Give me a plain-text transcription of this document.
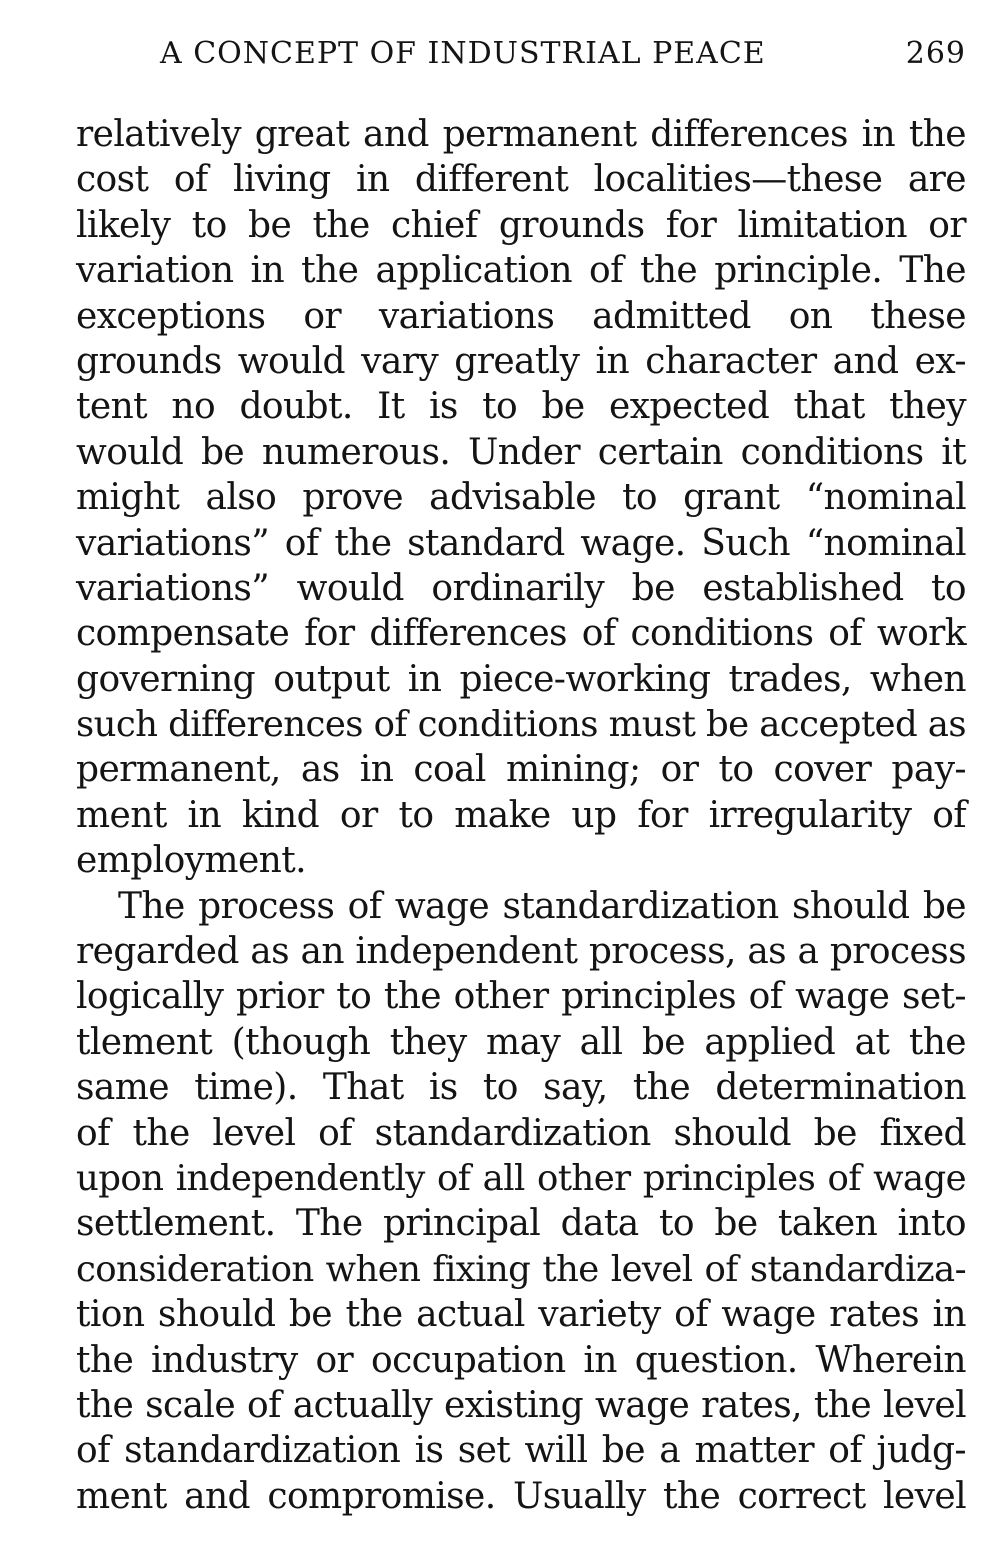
A CONCEPT OF INDUSTRIAL PEACE	269
relatively great and permanent differences in the
cost of living in different localities—these are
likely to be the chief grounds for limitation or
variation in the application of the principle. The
exceptions or variations admitted on these
grounds would vary greatly in character and ex-
tent no doubt. It is to be expected that they
would be numerous. Under certain conditions it
might also prove advisable to grant “nominal
variations” of the standard wage. Such “nominal
variations” would ordinarily be established to
compensate for differences of conditions of work
governing output in piece-working trades, when
such differences of conditions must be accepted as
permanent, as in coal mining; or to cover pay-
ment in kind or to make up for irregularity of
employment.
The process of wage standardization should be
regarded as an independent process, as a process
logically prior to the other principles of wage set-
tlement (though they may all be applied at the
same time). That is to say, the determination
of the level of standardization should be fixed
upon independently of all other principles of wage
settlement. The principal data to be taken into
consideration when fixing the level of standardiza-
tion should be the actual variety of wage rates in
the industry or occupation in question. Wherein
the scale of actually existing wage rates, the level
of standardization is set will be a matter of judg-
ment and compromise. Usually the correct level
